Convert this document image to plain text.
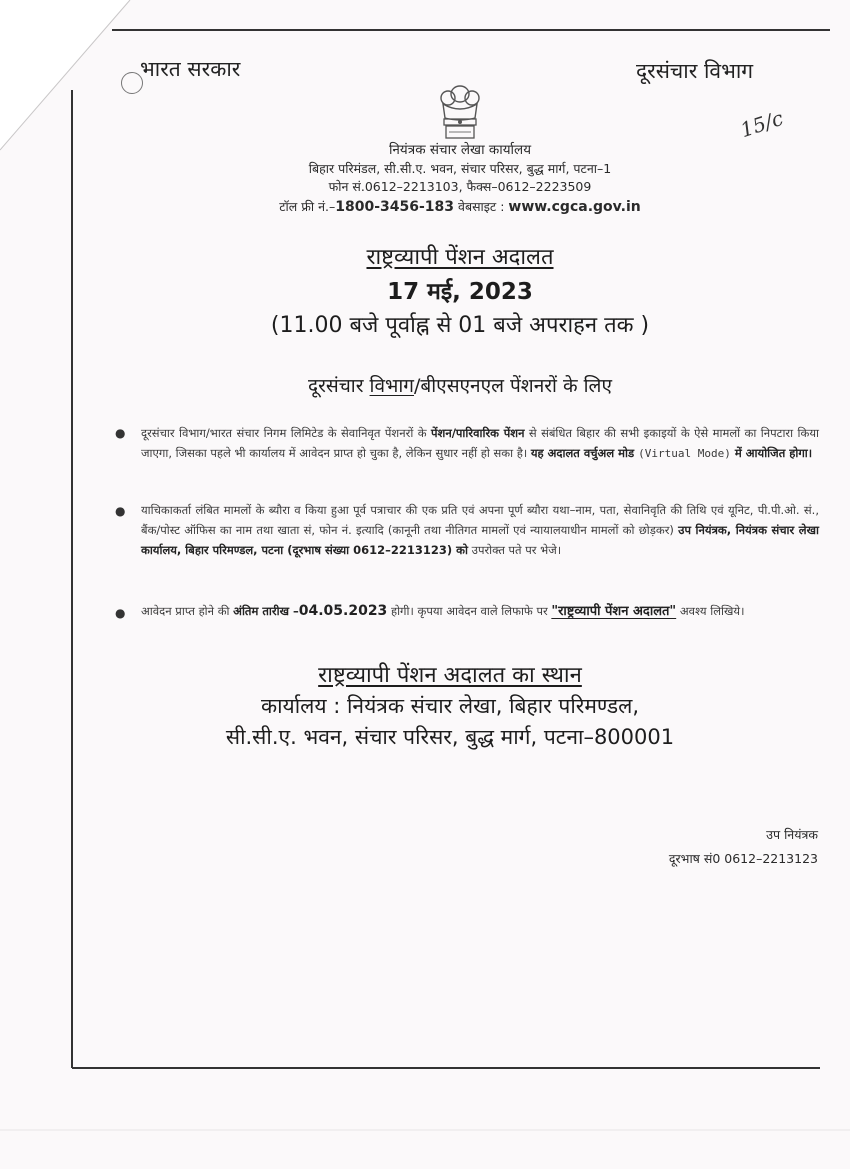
भारत सरकार	दूरसंचार विभाग
15/c
नियंत्रक संचार लेखा कार्यालय
बिहार परिमंडल, सी.सी.ए. भवन, संचार परिसर, बुद्ध मार्ग, पटना–1
फोन सं.0612–2213103, फैक्स–0612–2223509
टॉल फ्री नं.–1800-3456-183 वेबसाइट : www.cgca.gov.in
राष्ट्रव्यापी पेंशन अदालत
17 मई, 2023
(11.00 बजे पूर्वाह्न से 01 बजे अपराहन तक )
दूरसंचार विभाग/बीएसएनएल पेंशनरों के लिए
● दूरसंचार विभाग/भारत संचार निगम लिमिटेड के सेवानिवृत पेंशनरों के पेंशन/पारिवारिक पेंशन से संबंधित बिहार की सभी इकाइयों के ऐसे मामलों का निपटारा किया जाएगा, जिसका पहले भी कार्यालय में आवेदन प्राप्त हो चुका है, लेकिन सुधार नहीं हो सका है। यह अदालत वर्चुअल मोड (Virtual Mode) में आयोजित होगा।
● याचिकाकर्ता लंबित मामलों के ब्यौरा व किया हुआ पूर्व पत्राचार की एक प्रति एवं अपना पूर्ण ब्यौरा यथा–नाम, पता, सेवानिवृति की तिथि एवं यूनिट, पी.पी.ओ. सं., बैंक/पोस्ट ऑफिस का नाम तथा खाता सं, फोन नं. इत्यादि (कानूनी तथा नीतिगत मामलों एवं न्यायालयाधीन मामलों को छोड़कर) उप नियंत्रक, नियंत्रक संचार लेखा कार्यालय, बिहार परिमण्डल, पटना (दूरभाष संख्या 0612–2213123) को उपरोक्त पते पर भेजे।
● आवेदन प्राप्त होने की अंतिम तारीख –04.05.2023 होगी। कृपया आवेदन वाले लिफाफे पर "राष्ट्रव्यापी पेंशन अदालत" अवश्य लिखिये।
राष्ट्रव्यापी पेंशन अदालत का स्थान
कार्यालय : नियंत्रक संचार लेखा, बिहार परिमण्डल,
सी.सी.ए. भवन, संचार परिसर, बुद्ध मार्ग, पटना–800001
उप नियंत्रक
दूरभाष सं0 0612–2213123
